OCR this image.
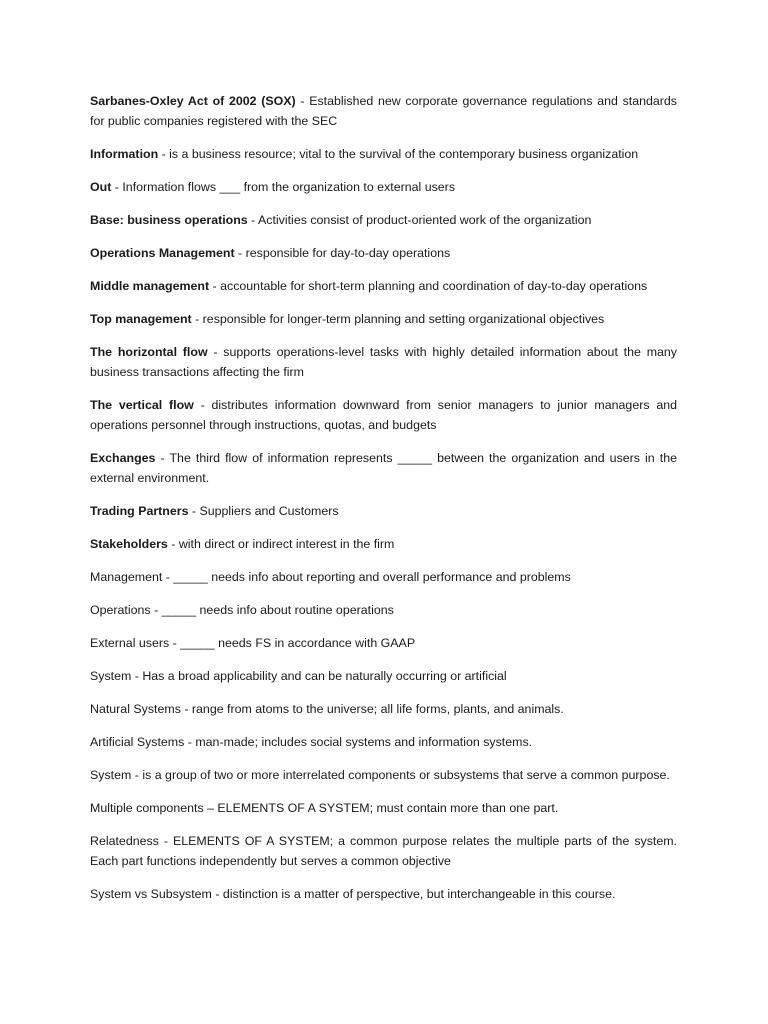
Sarbanes-Oxley Act of 2002 (SOX) - Established new corporate governance regulations and standards for public companies registered with the SEC

Information - is a business resource; vital to the survival of the contemporary business organization

Out - Information flows ___ from the organization to external users

Base: business operations - Activities consist of product-oriented work of the organization

Operations Management - responsible for day-to-day operations

Middle management - accountable for short-term planning and coordination of day-to-day operations

Top management - responsible for longer-term planning and setting organizational objectives

The horizontal flow - supports operations-level tasks with highly detailed information about the many business transactions affecting the firm

The vertical flow - distributes information downward from senior managers to junior managers and operations personnel through instructions, quotas, and budgets

Exchanges - The third flow of information represents _____ between the organization and users in the external environment.

Trading Partners - Suppliers and Customers

Stakeholders - with direct or indirect interest in the firm

Management - _____ needs info about reporting and overall performance and problems

Operations - _____ needs info about routine operations

External users - _____ needs FS in accordance with GAAP

System - Has a broad applicability and can be naturally occurring or artificial

Natural Systems - range from atoms to the universe; all life forms, plants, and animals.

Artificial Systems - man-made; includes social systems and information systems.

System - is a group of two or more interrelated components or subsystems that serve a common purpose.

Multiple components – ELEMENTS OF A SYSTEM; must contain more than one part.

Relatedness - ELEMENTS OF A SYSTEM; a common purpose relates the multiple parts of the system. Each part functions independently but serves a common objective

System vs Subsystem - distinction is a matter of perspective, but interchangeable in this course.
